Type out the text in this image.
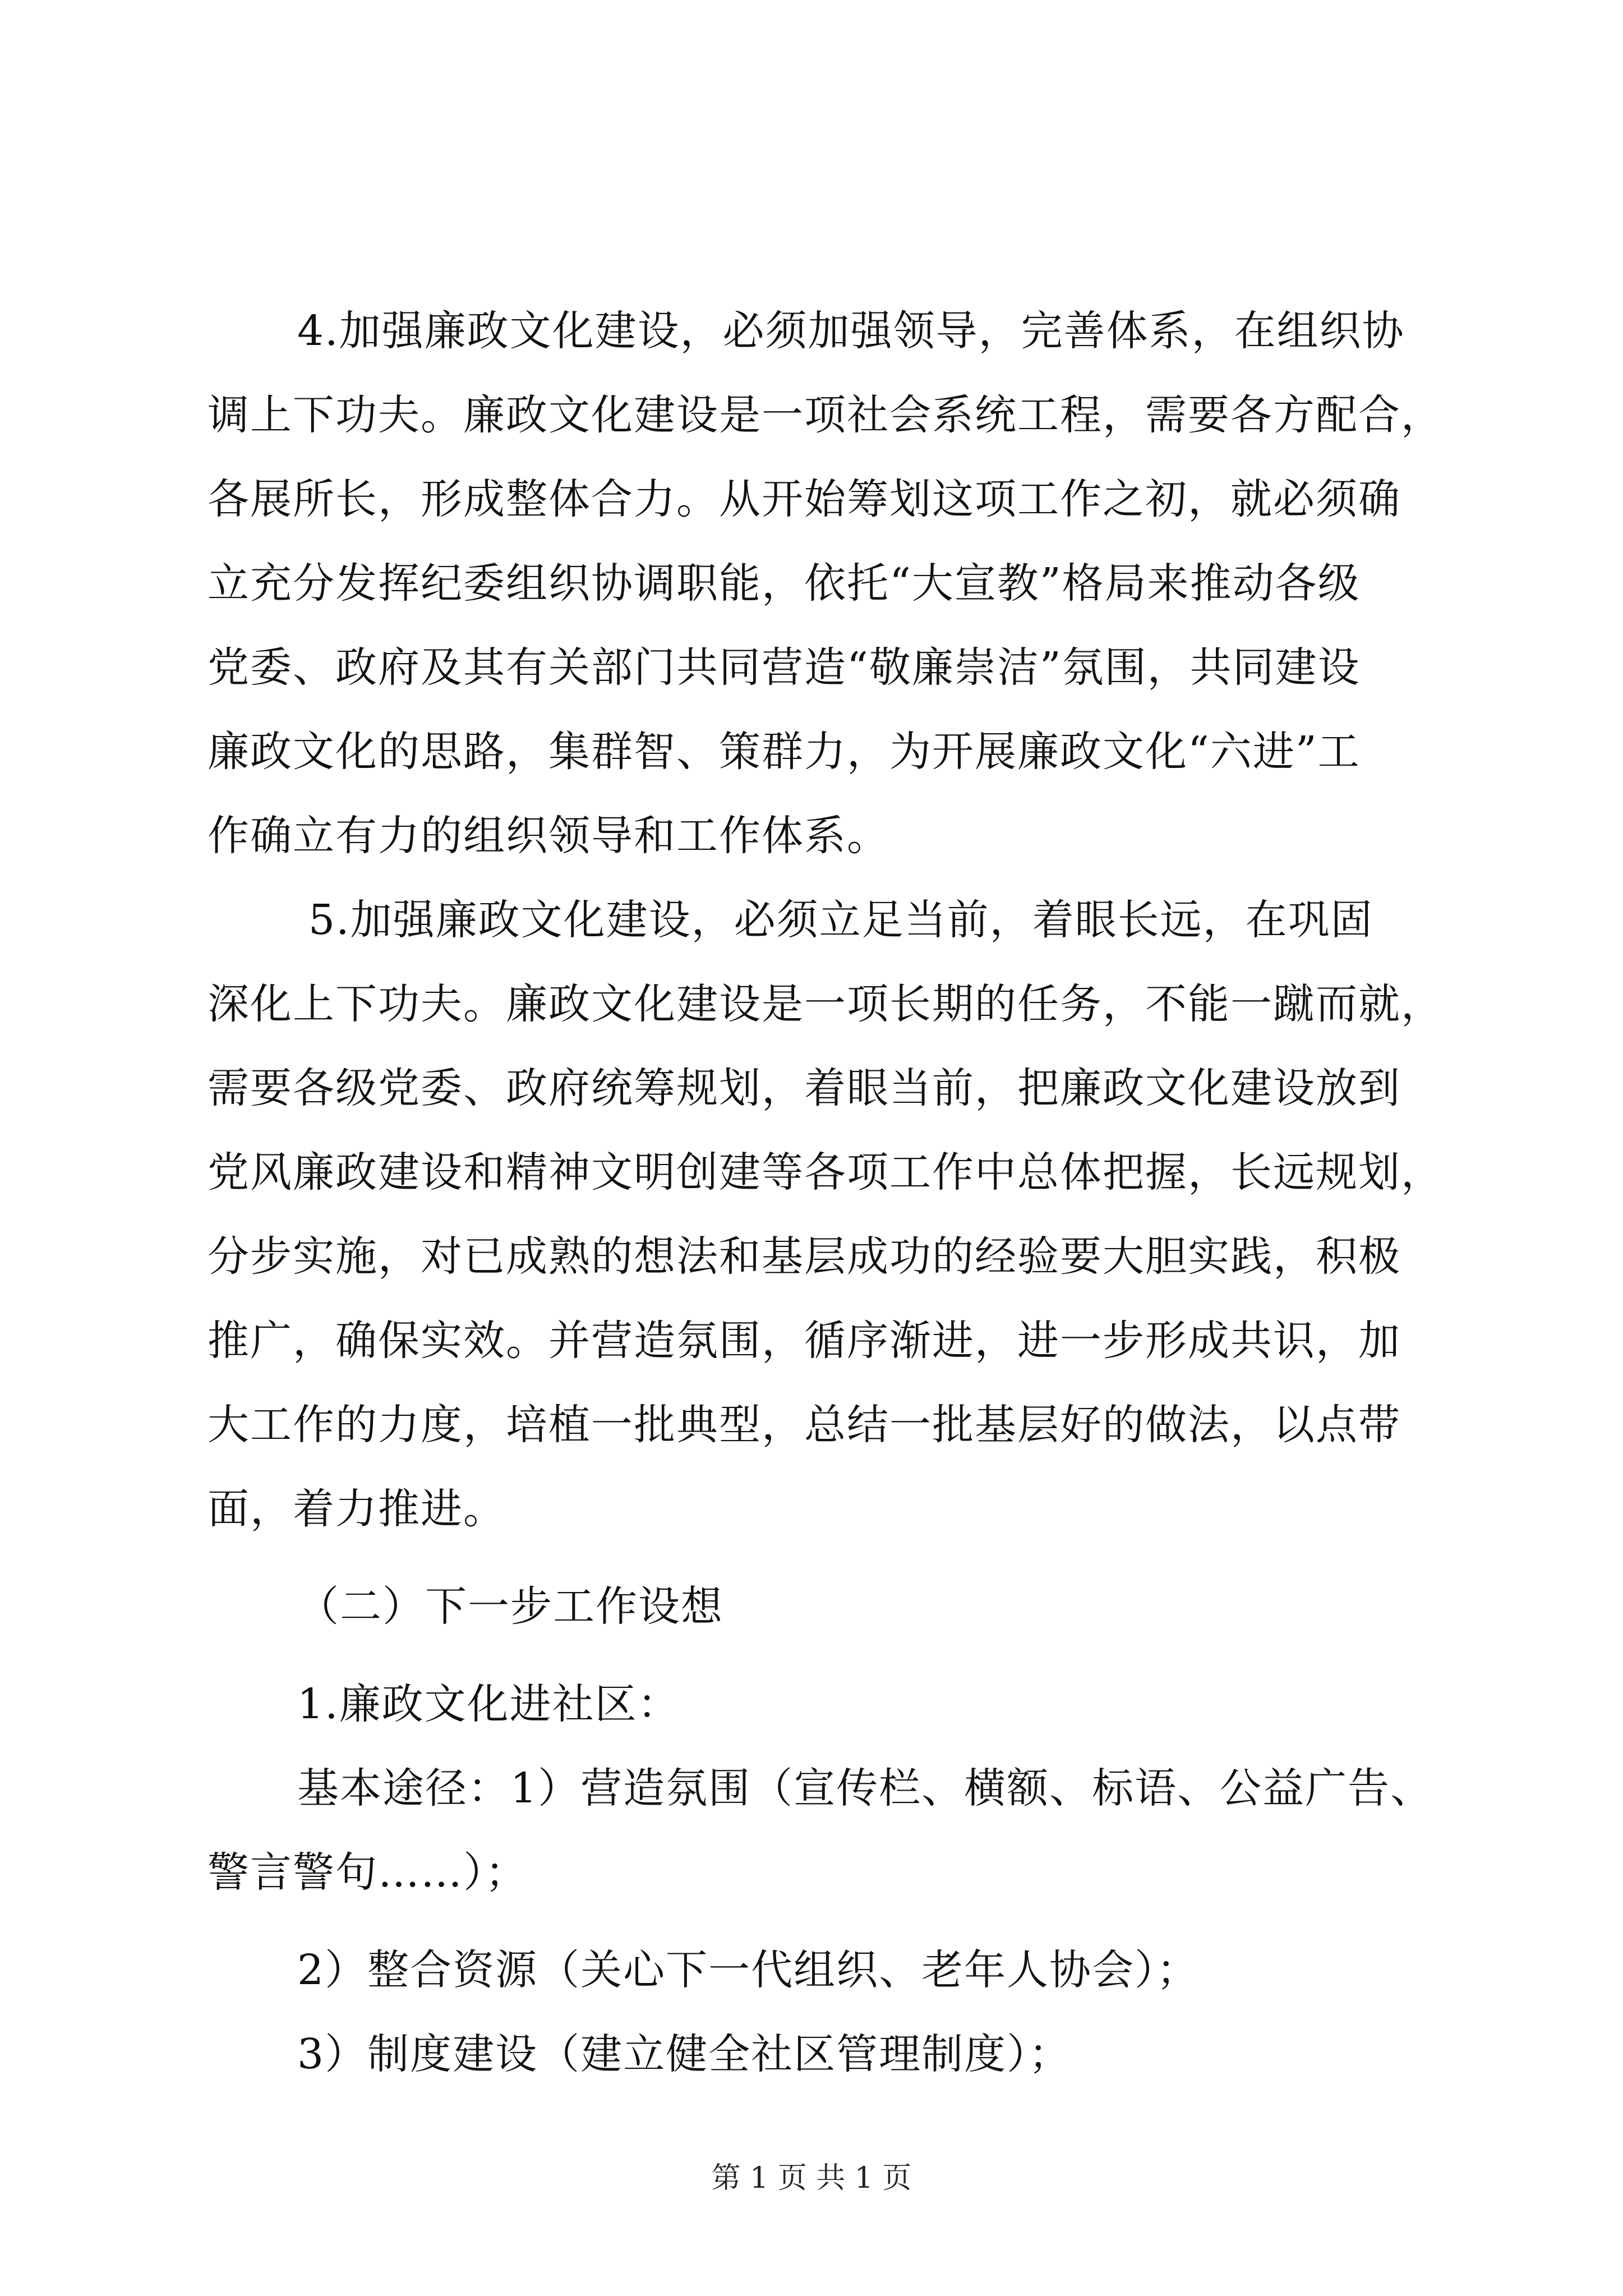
4.加强廉政文化建设，必须加强领导，完善体系，在组织协
调上下功夫。廉政文化建设是一项社会系统工程，需要各方配合，
各展所长，形成整体合力。从开始筹划这项工作之初，就必须确
立充分发挥纪委组织协调职能，依托“大宣教”格局来推动各级
党委、政府及其有关部门共同营造“敬廉崇洁”氛围，共同建设
廉政文化的思路，集群智、策群力，为开展廉政文化“六进”工
作确立有力的组织领导和工作体系。
5.加强廉政文化建设，必须立足当前，着眼长远，在巩固
深化上下功夫。廉政文化建设是一项长期的任务，不能一蹴而就，
需要各级党委、政府统筹规划，着眼当前，把廉政文化建设放到
党风廉政建设和精神文明创建等各项工作中总体把握，长远规划，
分步实施，对已成熟的想法和基层成功的经验要大胆实践，积极
推广，确保实效。并营造氛围，循序渐进，进一步形成共识，加
大工作的力度，培植一批典型，总结一批基层好的做法，以点带
面，着力推进。
（二）下一步工作设想
1.廉政文化进社区：
基本途径：1）营造氛围（宣传栏、横额、标语、公益广告、
警言警句……）；
2）整合资源（关心下一代组织、老年人协会）；
3）制度建设（建立健全社区管理制度）；
第 1 页 共 1 页
